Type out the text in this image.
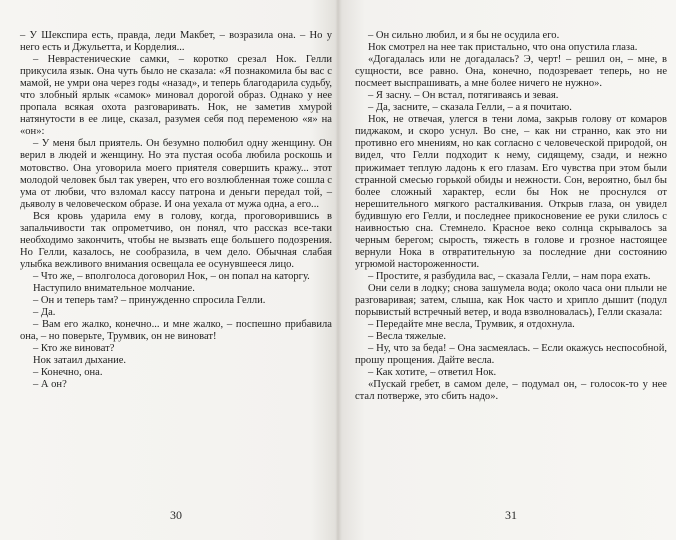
– У Шекспира есть, правда, леди Макбет, – возразила она. – Но у него есть и Джульетта, и Корделия...

– Неврастенические самки, – коротко срезал Нок. Гелли прикусила язык. Она чуть было не сказала: «Я познакомила бы вас с мамой, не умри она через годы «назад», и теперь благодарила судьбу, что злобный ярлык «самок» миновал дорогой образ. Однако у нее пропала всякая охота разговаривать. Нок, не заметив хмурой натянутости в ее лице, сказал, разумея себя под переменою «я» на «он»:

– У меня был приятель. Он безумно полюбил одну женщину. Он верил в людей и женщину. Но эта пустая особа любила роскошь и мотовство. Она уговорила моего приятеля совершить кражу... этот молодой человек был так уверен, что его возлюбленная тоже сошла с ума от любви, что взломал кассу патрона и деньги передал той, – дьяволу в человеческом образе. И она уехала от мужа одна, а его...

Вся кровь ударила ему в голову, когда, проговорившись в запальчивости так опрометчиво, он понял, что рассказ все-таки необходимо закончить, чтобы не вызвать еще большего подозрения. Но Гелли, казалось, не сообразила, в чем дело. Обычная слабая улыбка вежливого внимания освещала ее осунувшееся лицо.

– Что же, – вполголоса договорил Нок, – он попал на каторгу.

Наступило внимательное молчание.

– Он и теперь там? – принужденно спросила Гелли.

– Да.

– Вам его жалко, конечно... и мне жалко, – поспешно прибавила она, – но поверьте, Трумвик, он не виноват!

– Кто же виноват?

Нок затаил дыхание.

– Конечно, она.

– А он?

30

– Он сильно любил, и я бы не осудила его.

Нок смотрел на нее так пристально, что она опустила глаза.

«Догадалась или не догадалась? Э, черт! – решил он, – мне, в сущности, все равно. Она, конечно, подозревает теперь, но не посмеет выспрашивать, а мне более ничего не нужно».

– Я засну. – Он встал, потягиваясь и зевая.

– Да, засните, – сказала Гелли, – а я почитаю.

Нок, не отвечая, улегся в тени лома, закрыв голову от комаров пиджаком, и скоро уснул. Во сне, – как ни странно, как это ни противно его мнениям, но как согласно с человеческой природой, он видел, что Гелли подходит к нему, сидящему, сзади, и нежно прижимает теплую ладонь к его глазам. Его чувства при этом были странной смесью горькой обиды и нежности. Сон, вероятно, был бы более сложный характер, если бы Нок не проснулся от нерешительного мягкого расталкивания. Открыв глаза, он увидел будившую его Гелли, и последнее прикосновение ее руки слилось с наивностью сна. Стемнело. Красное веко солнца скрывалось за черным берегом; сырость, тяжесть в голове и грозное настоящее вернули Нока в отвратительную за последние дни состоянию угрюмой настороженности.

– Простите, я разбудила вас, – сказала Гелли, – нам пора ехать.

Они сели в лодку; снова зашумела вода; около часа они плыли не разговаривая; затем, слыша, как Нок часто и хрипло дышит (подул порывистый встречный ветер, и вода взволновалась), Гелли сказала:

– Передайте мне весла, Трумвик, я отдохнула.

– Весла тяжелые.

– Ну, что за беда! – Она засмеялась. – Если окажусь неспособной, прошу прощения. Дайте весла.

– Как хотите, – ответил Нок.

«Пускай гребет, в самом деле, – подумал он, – голосок-то у нее стал потверже, это сбить надо».

31
